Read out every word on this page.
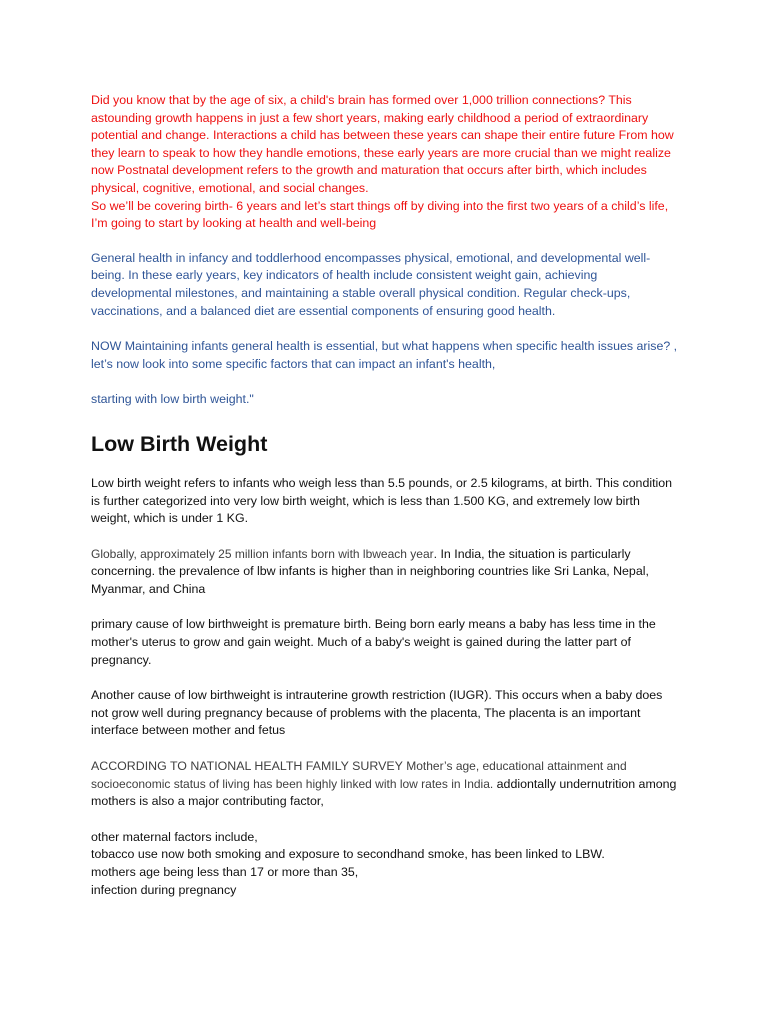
Did you know that by the age of six, a child's brain has formed over 1,000 trillion connections? This astounding growth happens in just a few short years, making early childhood a period of extraordinary potential and change. Interactions a child has between these years can shape their entire future From how they learn to speak to how they handle emotions, these early years are more crucial than we might realize
now Postnatal development refers to the growth and maturation that occurs after birth, which includes physical, cognitive, emotional, and social changes.
So we’ll be covering birth- 6 years and let’s start things off by diving into the first two years of a child’s life, I’m going to start by looking at health and well-being

General health in infancy and toddlerhood encompasses physical, emotional, and developmental well-being. In these early years, key indicators of health include consistent weight gain, achieving developmental milestones, and maintaining a stable overall physical condition. Regular check-ups, vaccinations, and a balanced diet are essential components of ensuring good health.

NOW Maintaining infants general health is essential, but what happens when specific health issues arise? , let’s now look into some specific factors that can impact an infant's health,

starting with low birth weight."

Low Birth Weight

Low birth weight refers to infants who weigh less than 5.5 pounds, or 2.5 kilograms, at birth. This condition is further categorized into very low birth weight, which is less than 1.500 KG, and extremely low birth weight, which is under 1 KG.

Globally, approximately 25 million infants born with lbweach year. In India, the situation is particularly concerning. the prevalence of lbw infants is higher than in neighboring countries like Sri Lanka, Nepal, Myanmar, and China

primary cause of low birthweight is premature birth. Being born early means a baby has less time in the mother's uterus to grow and gain weight. Much of a baby's weight is gained during the latter part of pregnancy.

Another cause of low birthweight is intrauterine growth restriction (IUGR). This occurs when a baby does not grow well during pregnancy because of problems with the placenta, The placenta is an important interface between mother and fetus

ACCORDING TO NATIONAL HEALTH FAMILY SURVEY Mother’s age, educational attainment and socioeconomic status of living has been highly linked with low rates in India. addiontally undernutrition among mothers is also a major contributing factor,

other maternal factors include,
tobacco use now both smoking and exposure to secondhand smoke, has been linked to LBW.
mothers age being less than 17 or more than 35,
infection during pregnancy
